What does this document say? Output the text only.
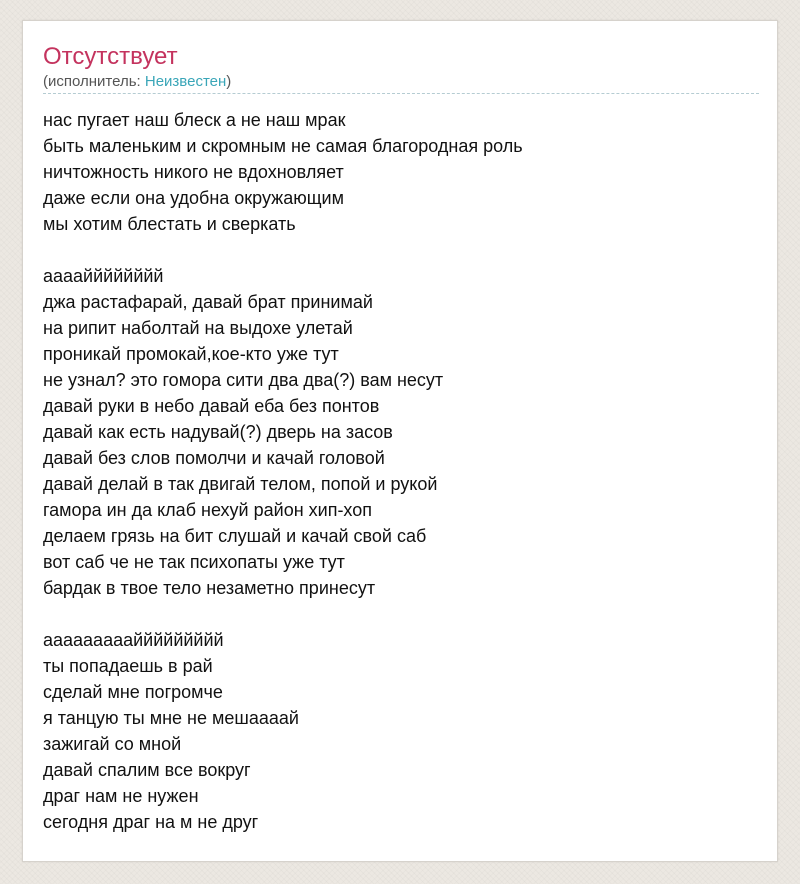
Отсутствует
(исполнитель: Неизвестен)
нас пугает наш блеск а не наш мрак
быть маленьким и скромным не самая благородная роль
ничтожность никого не вдохновляет
даже если она удобна окружающим
мы хотим блестать и сверкать
аааайййййййй
джа растафарай, давай брат принимай
на рипит наболтай на выдохе улетай
проникай промокай,кое-кто уже тут
не узнал? это гомора сити два два(?) вам несут
давай руки в небо давай еба без понтов
давай как есть надувай(?) дверь на засов
давай без слов помолчи и качай головой
давай делай в так двигай телом, попой и рукой
гамора ин да клаб нехуй район хип-хоп
делаем грязь на бит слушай и качай свой саб
вот саб че не так психопаты уже тут
бардак в твое тело незаметно принесут
аааааааааййййййййй
ты попадаешь в рай
сделай мне погромче
я танцую ты мне не мешаааай
зажигай со мной
давай спалим все вокруг
драг нам не нужен
сегодня драг на м не друг
